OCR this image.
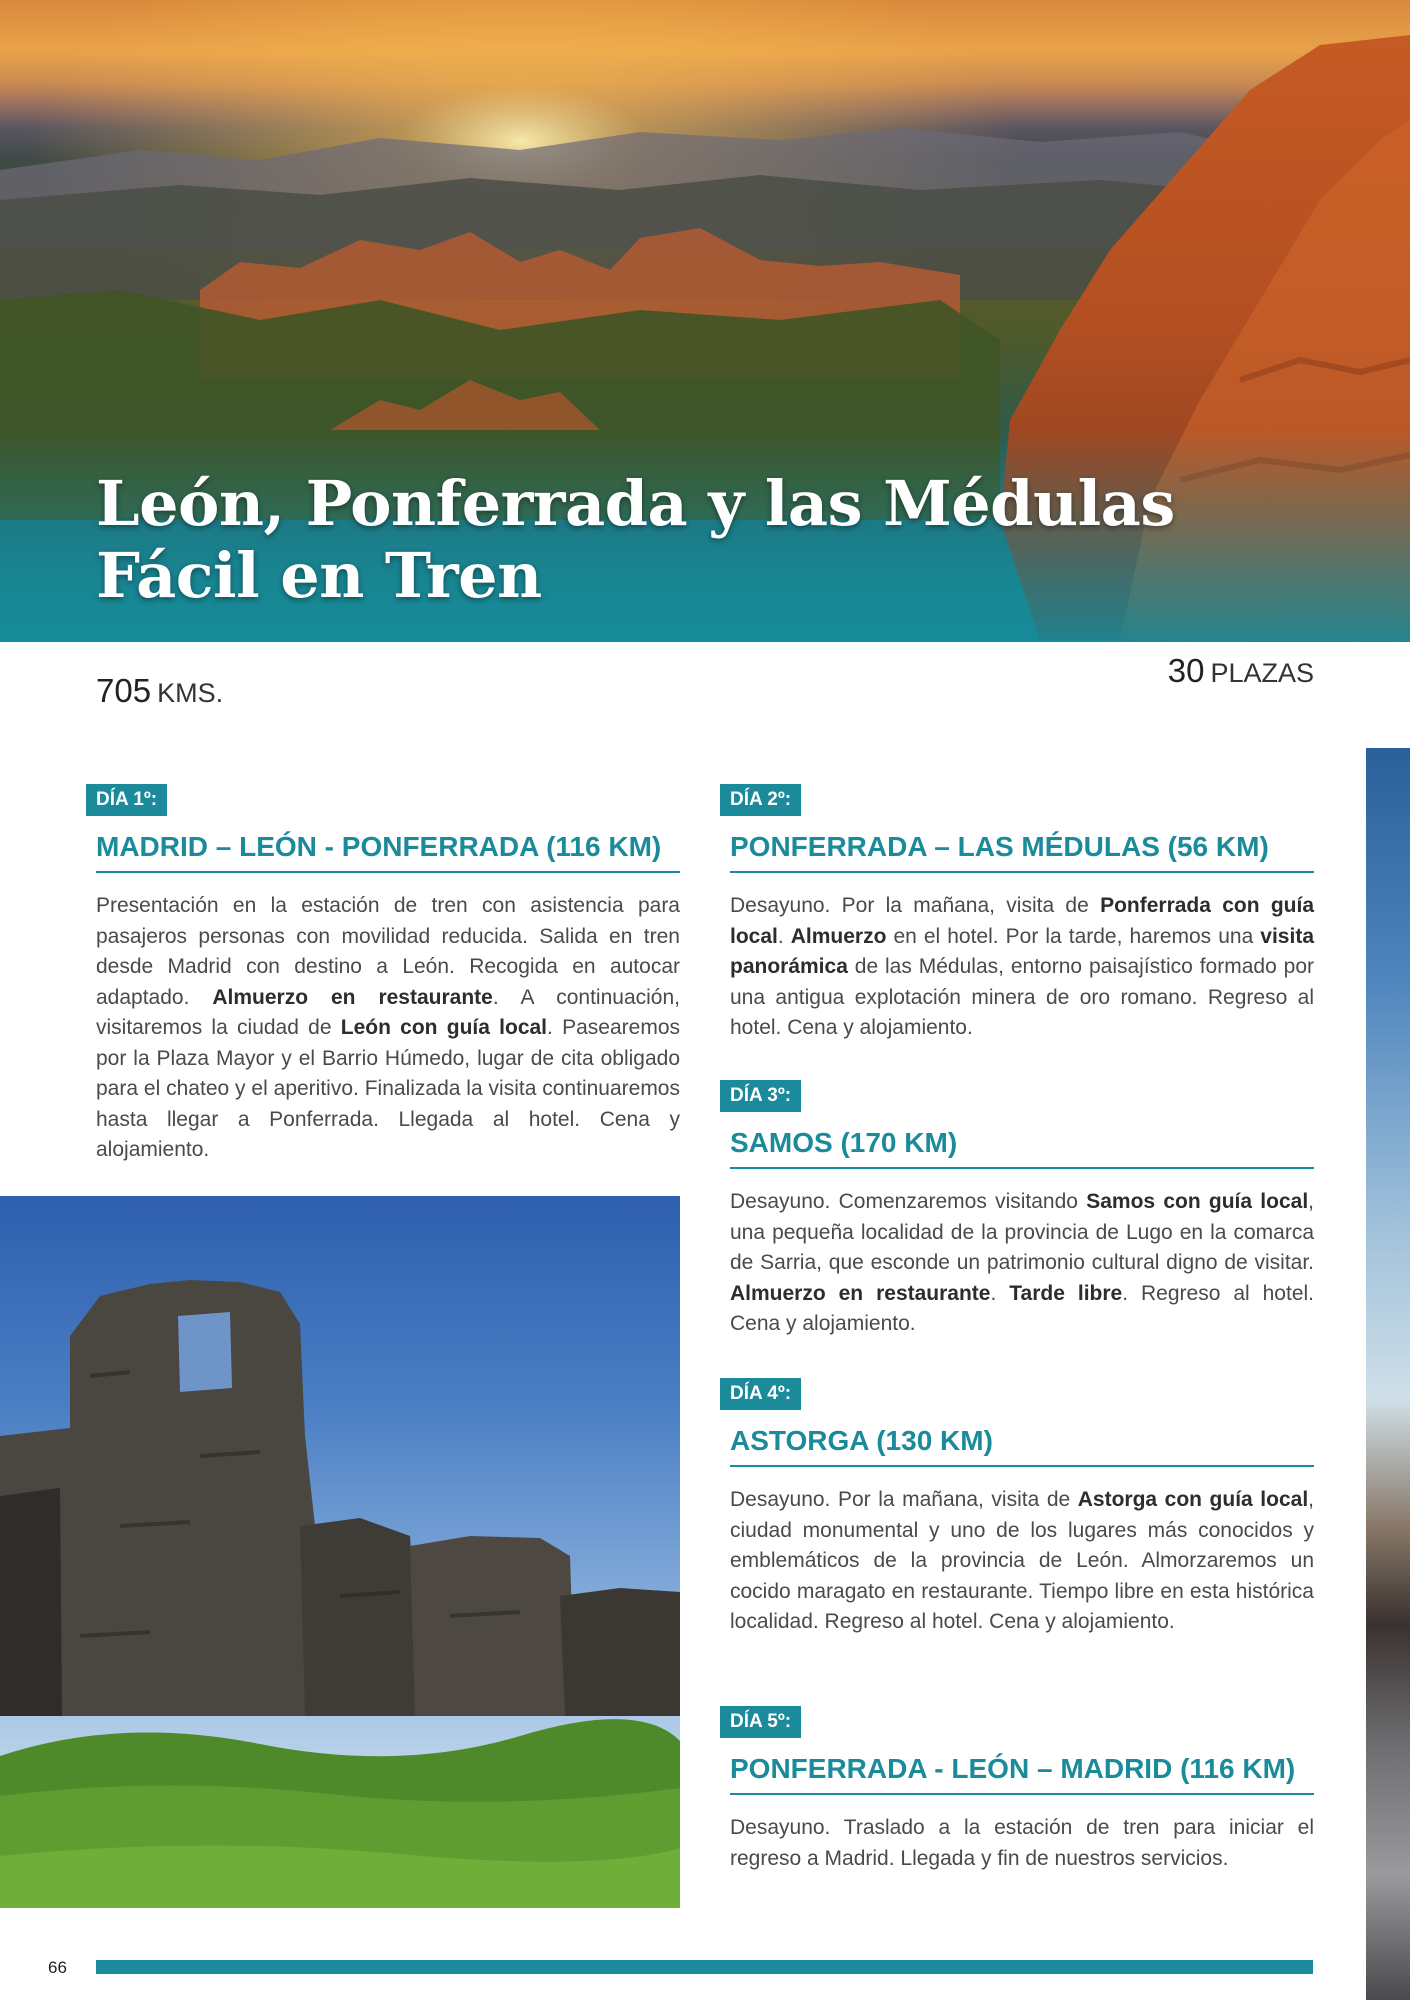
León, Ponferrada y las Médulas
Fácil en Tren
705 KMS.
30 PLAZAS
DÍA 1º:
MADRID – LEÓN - PONFERRADA (116 KM)

Presentación en la estación de tren con asistencia para pasajeros personas con movilidad reducida. Salida en tren desde Madrid con destino a León. Recogida en autocar adaptado. Almuerzo en restaurante. A continuación, visitaremos la ciudad de León con guía local. Pasearemos por la Plaza Mayor y el Barrio Húmedo, lugar de cita obligado para el chateo y el aperitivo. Finalizada la visita continuaremos hasta llegar a Ponferrada. Llegada al hotel. Cena y alojamiento.

DÍA 2º:
PONFERRADA – LAS MÉDULAS (56 KM)

Desayuno. Por la mañana, visita de Ponferrada con guía local. Almuerzo en el hotel. Por la tarde, haremos una visita panorámica de las Médulas, entorno paisajístico formado por una antigua explotación minera de oro romano. Regreso al hotel. Cena y alojamiento.

DÍA 3º:
SAMOS (170 KM)

Desayuno. Comenzaremos visitando Samos con guía local, una pequeña localidad de la provincia de Lugo en la comarca de Sarria, que esconde un patrimonio cultural digno de visitar. Almuerzo en restaurante. Tarde libre. Regreso al hotel. Cena y alojamiento.

DÍA 4º:
ASTORGA (130 KM)

Desayuno. Por la mañana, visita de Astorga con guía local, ciudad monumental y uno de los lugares más conocidos y emblemáticos de la provincia de León. Almorzaremos un cocido maragato en restaurante. Tiempo libre en esta histórica localidad. Regreso al hotel. Cena y alojamiento.

DÍA 5º:
PONFERRADA - LEÓN – MADRID (116 KM)

Desayuno. Traslado a la estación de tren para iniciar el regreso a Madrid. Llegada y fin de nuestros servicios.

66
